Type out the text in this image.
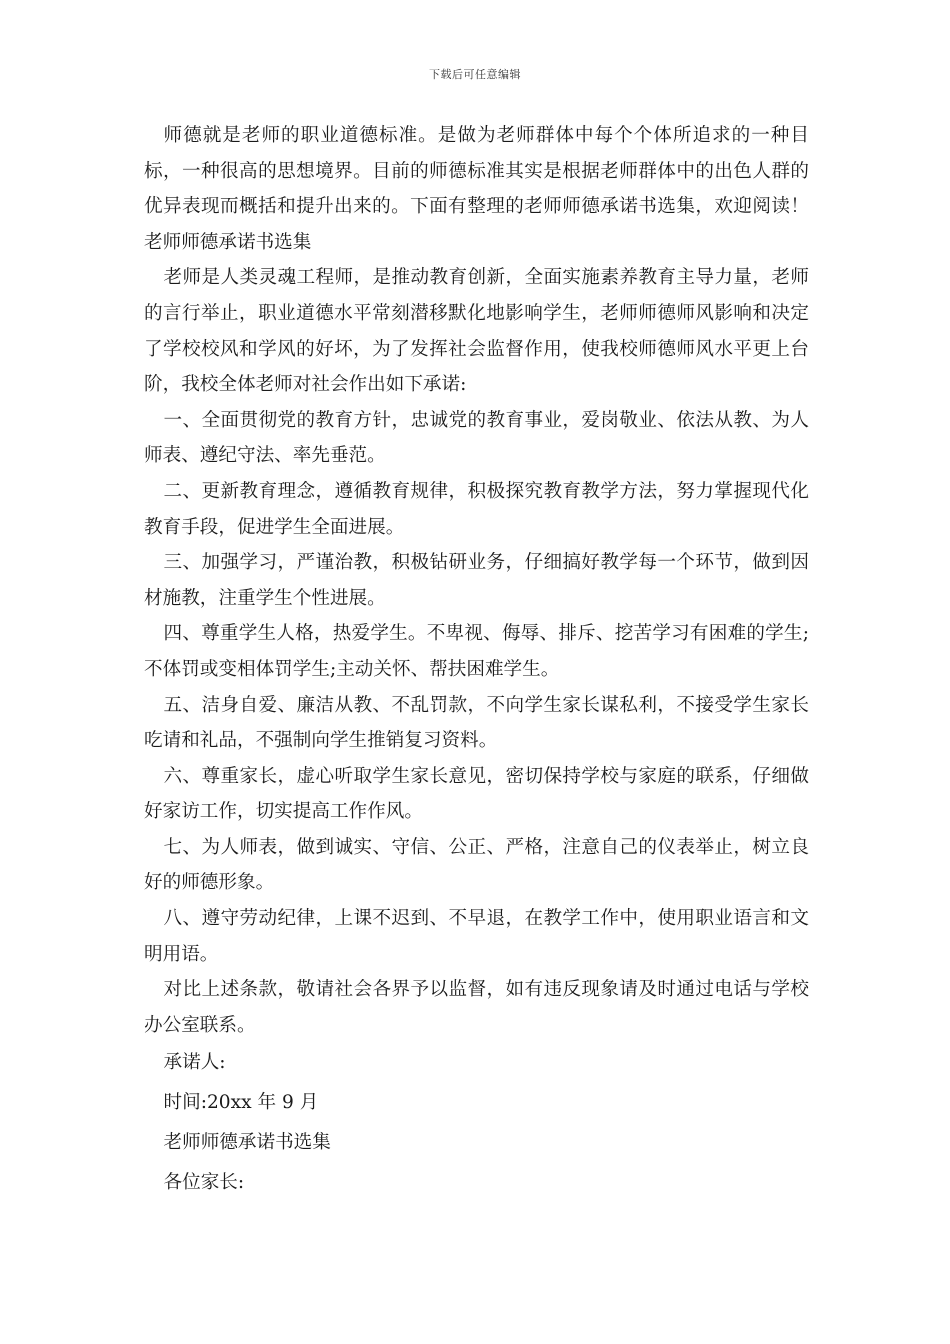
下载后可任意编辑

师德就是老师的职业道德标准。是做为老师群体中每个个体所追求的一种目标，一种很高的思想境界。目前的师德标准其实是根据老师群体中的出色人群的优异表现而概括和提升出来的。下面有整理的老师师德承诺书选集，欢迎阅读！ 老师师德承诺书选集

老师是人类灵魂工程师，是推动教育创新，全面实施素养教育主导力量，老师的言行举止，职业道德水平常刻潜移默化地影响学生，老师师德师风影响和决定了学校校风和学风的好坏，为了发挥社会监督作用，使我校师德师风水平更上台阶，我校全体老师对社会作出如下承诺:

一、全面贯彻党的教育方针，忠诚党的教育事业，爱岗敬业、依法从教、为人师表、遵纪守法、率先垂范。

二、更新教育理念，遵循教育规律，积极探究教育教学方法，努力掌握现代化教育手段，促进学生全面进展。

三、加强学习，严谨治教，积极钻研业务，仔细搞好教学每一个环节，做到因材施教，注重学生个性进展。

四、尊重学生人格，热爱学生。不卑视、侮辱、排斥、挖苦学习有困难的学生;不体罚或变相体罚学生;主动关怀、帮扶困难学生。

五、洁身自爱、廉洁从教、不乱罚款，不向学生家长谋私利，不接受学生家长吃请和礼品，不强制向学生推销复习资料。

六、尊重家长，虚心听取学生家长意见，密切保持学校与家庭的联系，仔细做好家访工作，切实提高工作作风。

七、为人师表，做到诚实、守信、公正、严格，注意自己的仪表举止，树立良好的师德形象。

八、遵守劳动纪律，上课不迟到、不早退，在教学工作中，使用职业语言和文明用语。

对比上述条款，敬请社会各界予以监督，如有违反现象请及时通过电话与学校办公室联系。

承诺人:

时间:20xx 年 9 月

老师师德承诺书选集

各位家长:
